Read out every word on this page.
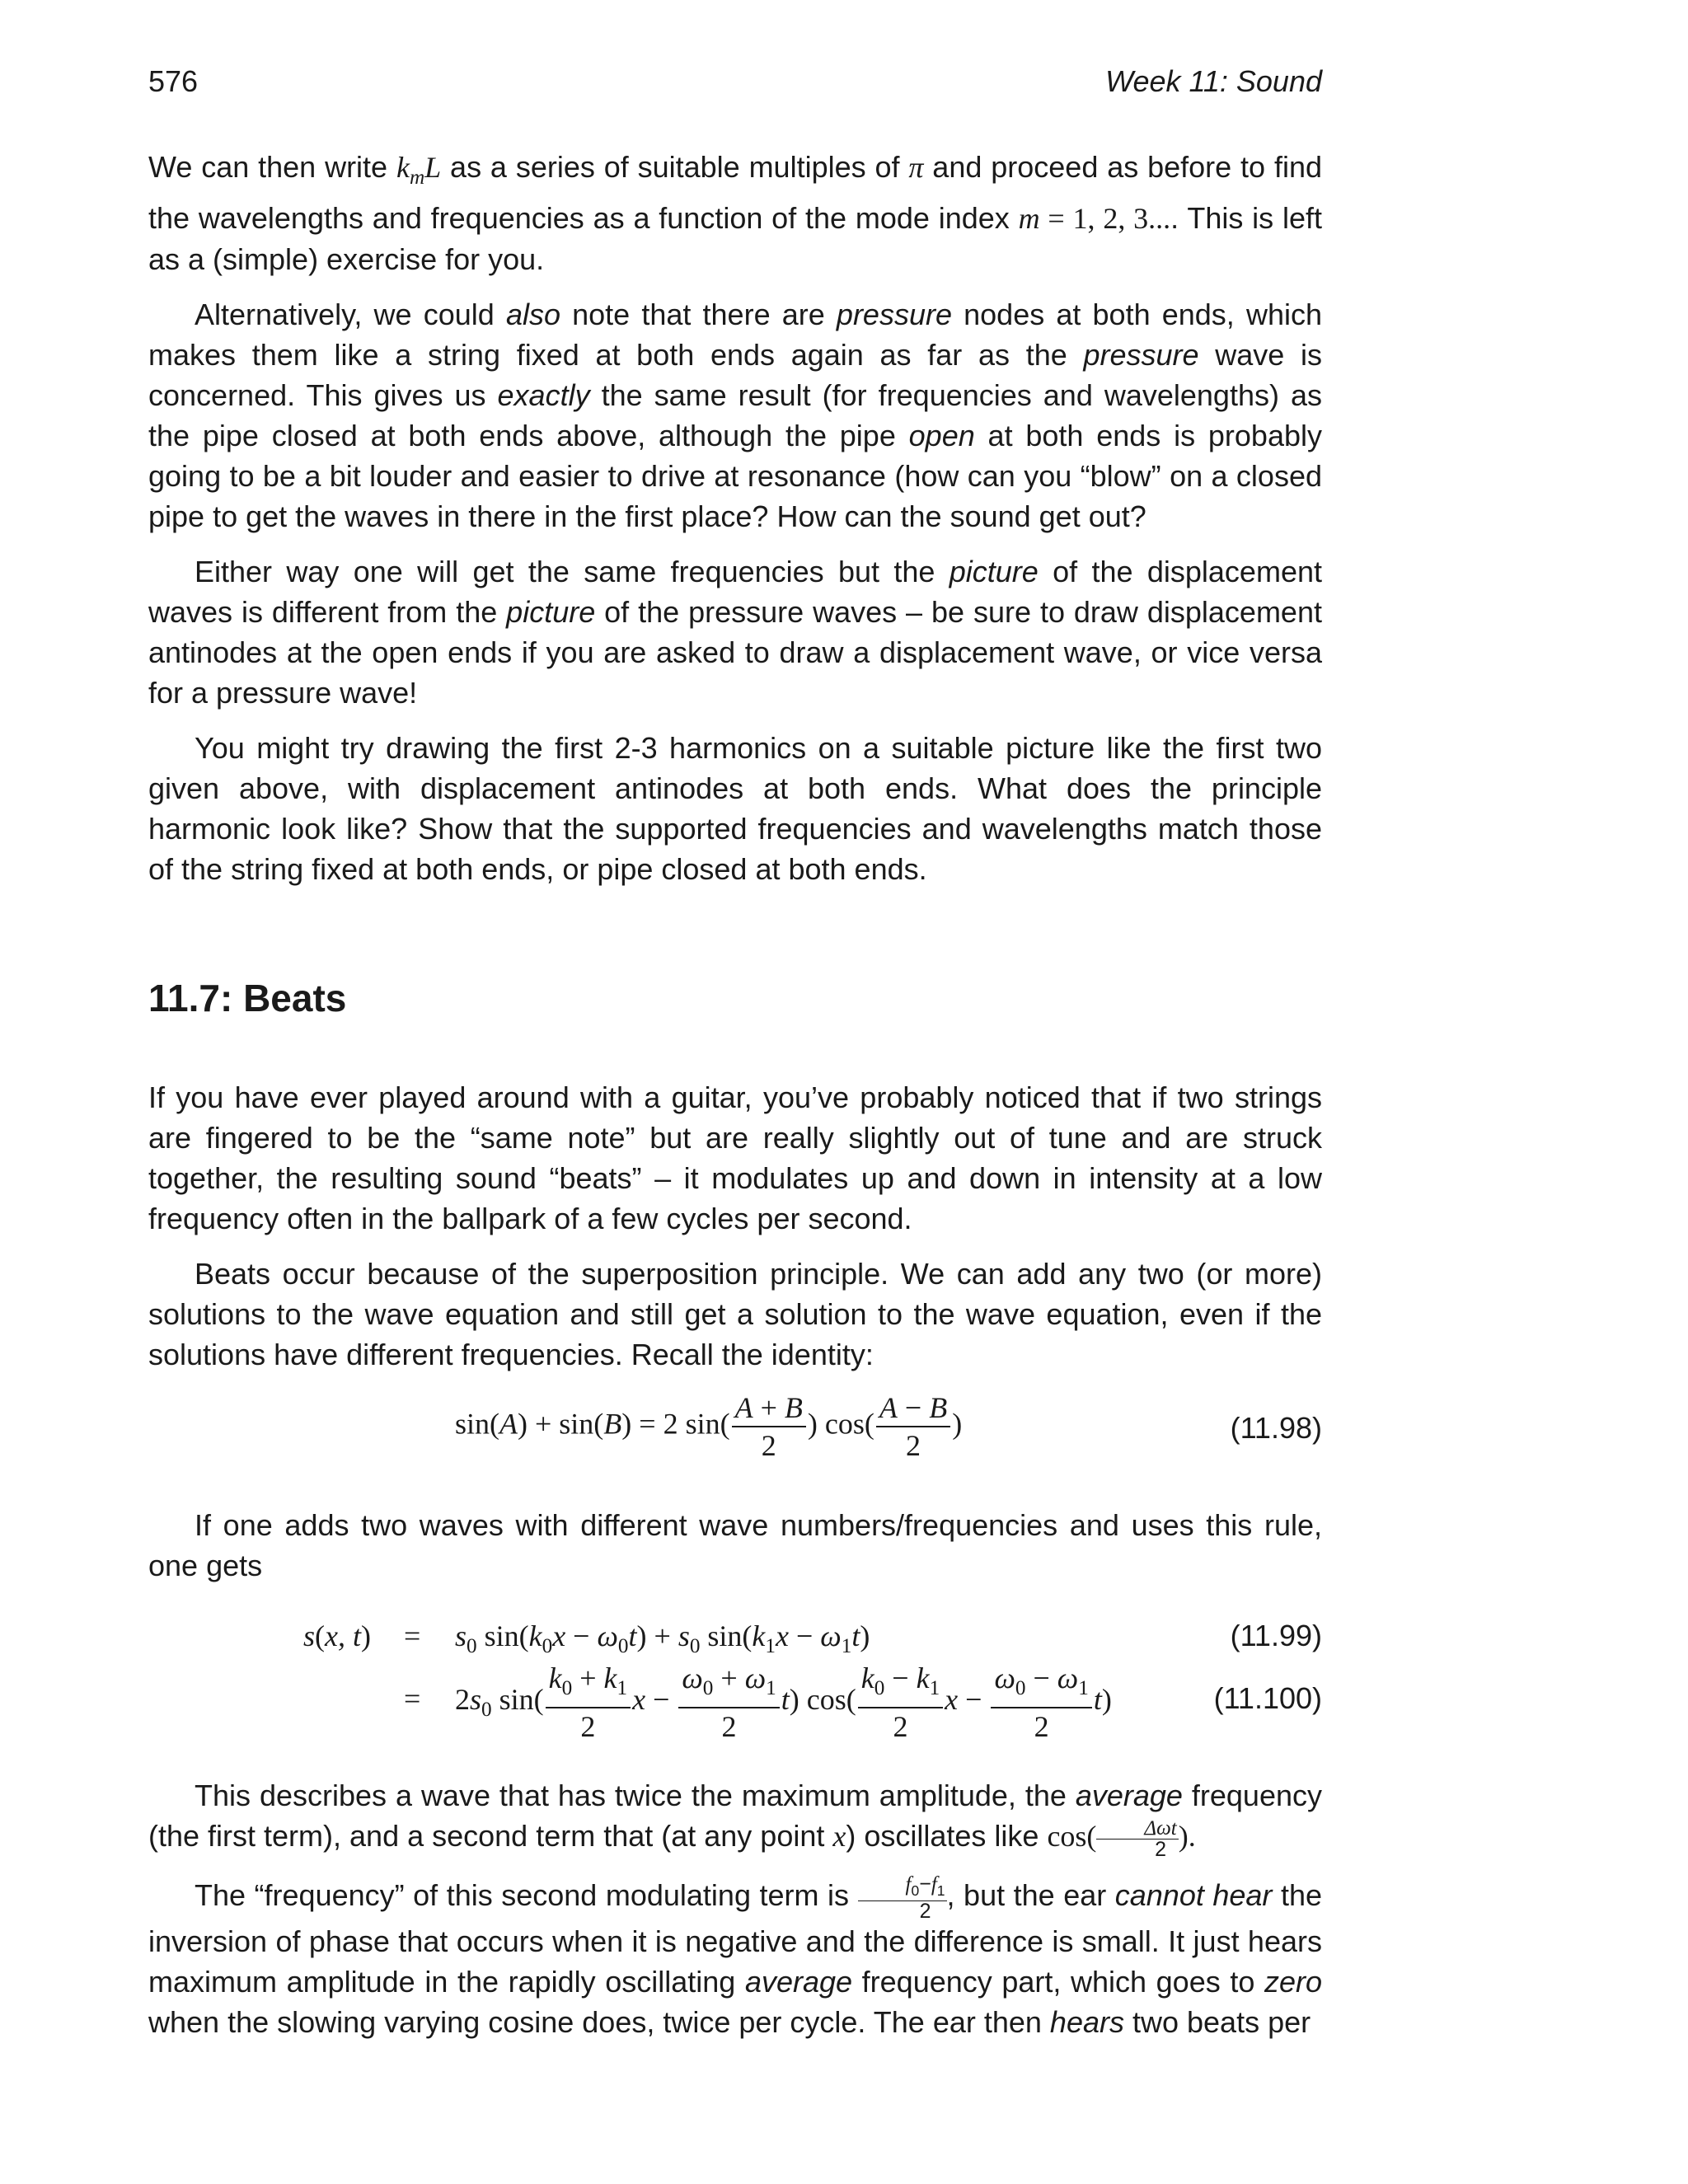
576	Week 11: Sound

We can then write $k_mL$ as a series of suitable multiples of π and proceed as before to find the wavelengths and frequencies as a function of the mode index m = 1, 2, 3.... This is left as a (simple) exercise for you.

Alternatively, we could also note that there are pressure nodes at both ends, which makes them like a string fixed at both ends again as far as the pressure wave is concerned. This gives us exactly the same result (for frequencies and wavelengths) as the pipe closed at both ends above, although the pipe open at both ends is probably going to be a bit louder and easier to drive at resonance (how can you “blow” on a closed pipe to get the waves in there in the first place? How can the sound get out?

Either way one will get the same frequencies but the picture of the displacement waves is different from the picture of the pressure waves – be sure to draw displacement antinodes at the open ends if you are asked to draw a displacement wave, or vice versa for a pressure wave!

You might try drawing the first 2-3 harmonics on a suitable picture like the first two given above, with displacement antinodes at both ends. What does the principle harmonic look like? Show that the supported frequencies and wavelengths match those of the string fixed at both ends, or pipe closed at both ends.

11.7: Beats

If you have ever played around with a guitar, you’ve probably noticed that if two strings are fingered to be the “same note” but are really slightly out of tune and are struck together, the resulting sound “beats” – it modulates up and down in intensity at a low frequency often in the ballpark of a few cycles per second.

Beats occur because of the superposition principle. We can add any two (or more) solutions to the wave equation and still get a solution to the wave equation, even if the solutions have different frequencies. Recall the identity:

sin(A) + sin(B) = 2 $\sin( \frac{A + B}{2}$ ) $\cos( \frac{A - B}{2}$ )	(11.98)

If one adds two waves with different wave numbers/frequencies and uses this rule, one gets

s(x, $t) = s_0$ $\sin(k_0x - \omega_0t) + s_0$ $\sin(k_1x - \omega_1t)$	(11.99)
= $2s_0$ $\sin( \frac{k_0 + k_1}{2}$ $x - \frac{\omega_0 + \omega_1}{2} t$) $\cos( \frac{k_0 - k_1}{2}$ $x - \frac{\omega_0 - \omega_1}{2} t$)	(11.100)

This describes a wave that has twice the maximum amplitude, the average frequency (the first term), and a second term that (at any point x) oscillates like cos(	Δωt
2 ).

The “frequency” of this second modulating term is $\frac{f_0-f_1}{2}$ , but the ear cannot hear the inversion of phase that occurs when it is negative and the difference is small. It just hears maximum amplitude in the rapidly oscillating average frequency part, which goes to zero when the slowing varying cosine does, twice per cycle. The ear then hears two beats per
